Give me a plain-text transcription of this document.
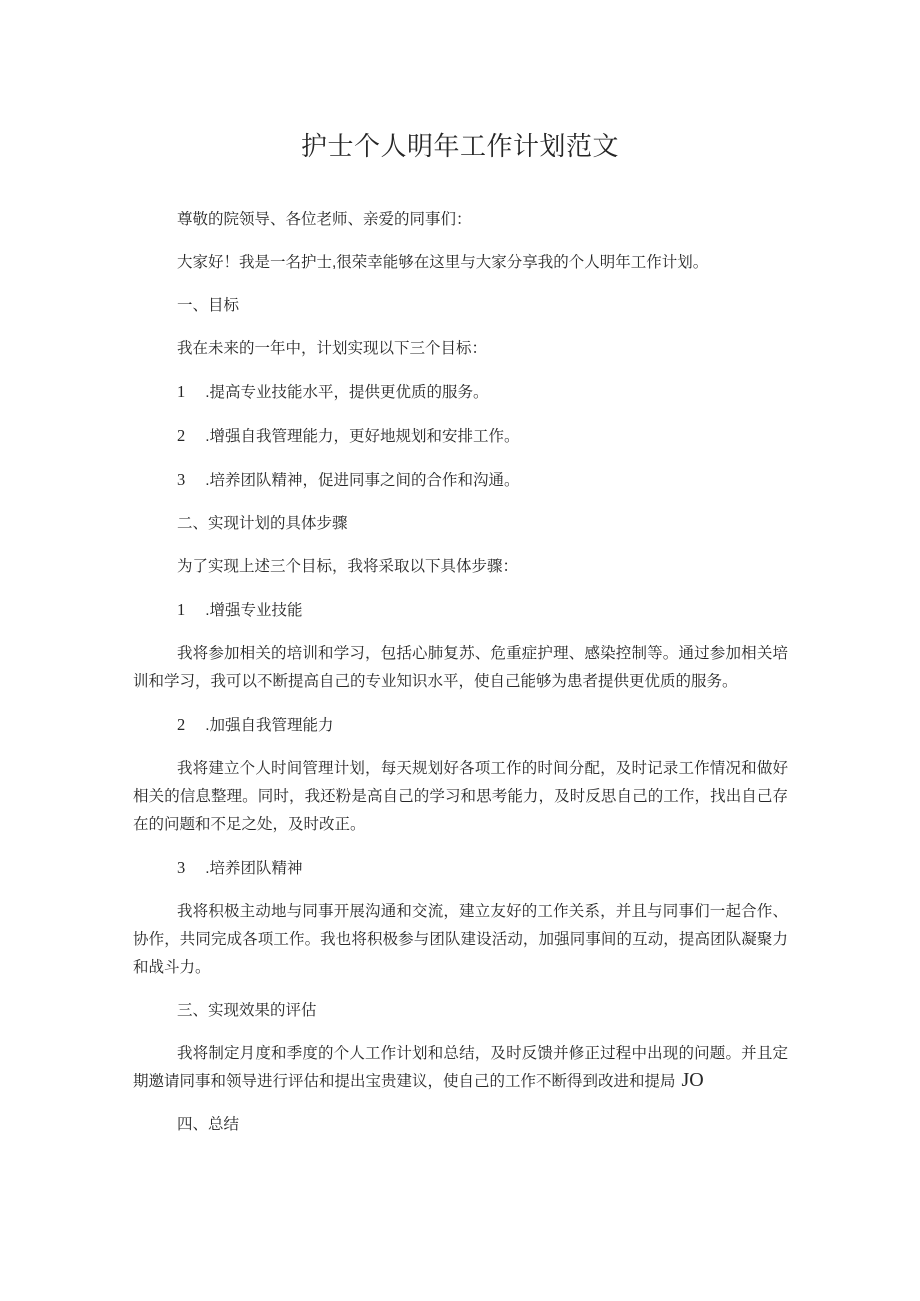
护士个人明年工作计划范文

尊敬的院领导、各位老师、亲爱的同事们：

大家好！我是一名护士,很荣幸能够在这里与大家分享我的个人明年工作计划。

一、目标

我在未来的一年中，计划实现以下三个目标：

1 .提高专业技能水平，提供更优质的服务。

2 .增强自我管理能力，更好地规划和安排工作。

3 .培养团队精神，促进同事之间的合作和沟通。

二、实现计划的具体步骤

为了实现上述三个目标，我将采取以下具体步骤：

1 .增强专业技能

我将参加相关的培训和学习，包括心肺复苏、危重症护理、感染控制等。通过参加相关培训和学习，我可以不断提高自己的专业知识水平，使自己能够为患者提供更优质的服务。

2 .加强自我管理能力

我将建立个人时间管理计划，每天规划好各项工作的时间分配，及时记录工作情况和做好相关的信息整理。同时，我还粉是高自己的学习和思考能力，及时反思自己的工作，找出自己存在的问题和不足之处，及时改正。

3 .培养团队精神

我将积极主动地与同事开展沟通和交流，建立友好的工作关系，并且与同事们一起合作、协作，共同完成各项工作。我也将积极参与团队建设活动，加强同事间的互动，提高团队凝聚力和战斗力。

三、实现效果的评估

我将制定月度和季度的个人工作计划和总结，及时反馈并修正过程中出现的问题。并且定期邀请同事和领导进行评估和提出宝贵建议，使自己的工作不断得到改进和提局 JO

四、总结
